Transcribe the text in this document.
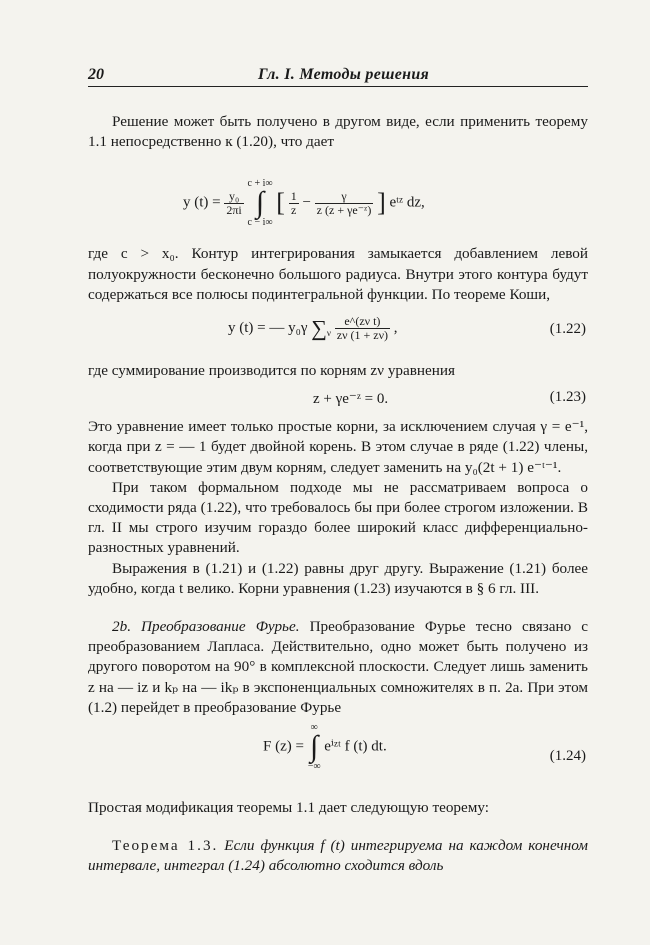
20	Гл. I. Методы решения

Решение может быть получено в другом виде, если применить теорему 1.1 непосредственно к (1.20), что дает

y $(t) = \frac{\text{y₀}}{2\pi i}$

c + i∞
∫
c − i∞
[ $\frac{1}{z} - \frac{\gamma}{\text{z (z + γe⁻ᶻ)}}$ ] eᵗᶻ dz,

где c > x₀. Контур интегрирования замыкается добавлением левой полуокружности бесконечно большого радиуса. Внутри этого контура будут содержаться все полюсы подинтегральной функции. По теореме Коши,

y (t) = — y₀γ $\sum_\nu \frac{\text{e\textasciicircum{}(zν t)}}{z\nu (1 + z\nu)}$ ,	(1.22)

где суммирование производится по корням zν уравнения

z + γe⁻ᶻ = 0.	(1.23)

Это уравнение имеет только простые корни, за исключением случая γ = e⁻¹, когда при z = — 1 будет двойной корень. В этом случае в ряде (1.22) члены, соответствующие этим двум корням, следует заменить на y₀(2t + 1) e⁻ᵗ⁻¹.

При таком формальном подходе мы не рассматриваем вопроса о сходимости ряда (1.22), что требовалось бы при более строгом изложении. В гл. II мы строго изучим гораздо более широкий класс дифференциально-разностных уравнений.

Выражения в (1.21) и (1.22) равны друг другу. Выражение (1.21) более удобно, когда t велико. Корни уравнения (1.23) изучаются в § 6 гл. III.

2b. Преобразование Фурье. Преобразование Фурье тесно связано с преобразованием Лапласа. Действительно, одно может быть получено из другого поворотом на 90° в комплексной плоскости. Следует лишь заменить z на — iz и kₚ на — ikₚ в экспоненциальных сомножителях в п. 2a. При этом (1.2) перейдет в преобразование Фурье

F (z) =
∞
∫
−∞
eⁱᶻᵗ f (t) dt.
(1.24)

Простая модификация теоремы 1.1 дает следующую теорему:

Теорема 1.3. Если функция f (t) интегрируема на каждом конечном интервале, интеграл (1.24) абсолютно сходится вдоль
